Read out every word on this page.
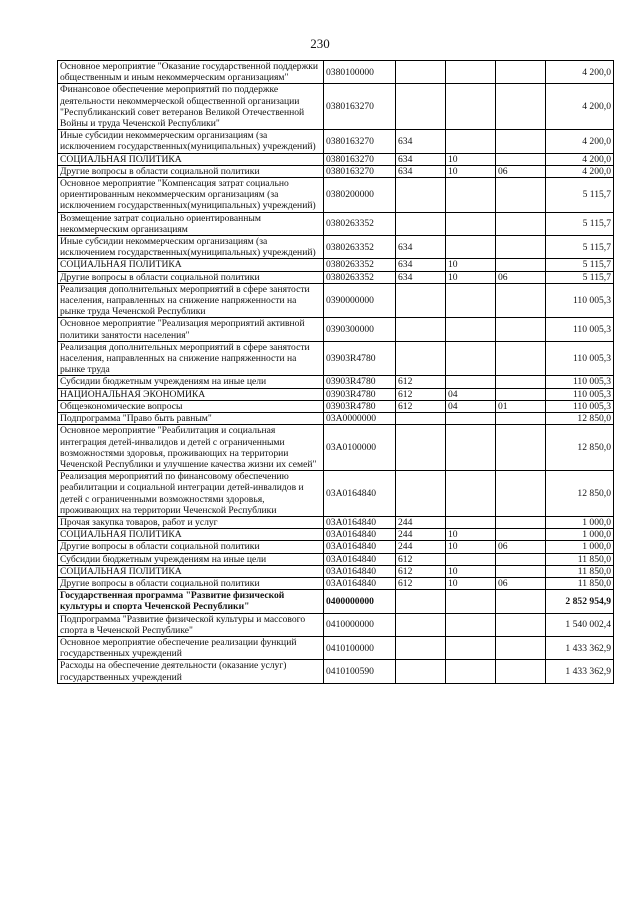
230
Основное мероприятие "Оказание государственной поддержки общественным и иным некоммерческим организациям"	0380100000				4 200,0
Финансовое обеспечение мероприятий по поддержке деятельности некоммерческой общественной организации "Республиканский совет ветеранов Великой Отечественной Войны и труда Чеченской Республики"	0380163270				4 200,0
Иные субсидии некоммерческим организациям (за исключением государственных(муниципальных) учреждений)	0380163270	634			4 200,0
СОЦИАЛЬНАЯ ПОЛИТИКА	0380163270	634	10		4 200,0
Другие вопросы в области социальной политики	0380163270	634	10	06	4 200,0
Основное мероприятие "Компенсация затрат социально ориентированным некоммерческим организациям (за исключением государственных(муниципальных) учреждений)	0380200000				5 115,7
Возмещение затрат социально ориентированным некоммерческим организациям	0380263352				5 115,7
Иные субсидии некоммерческим организациям (за исключением государственных(муниципальных) учреждений)	0380263352	634			5 115,7
СОЦИАЛЬНАЯ ПОЛИТИКА	0380263352	634	10		5 115,7
Другие вопросы в области социальной политики	0380263352	634	10	06	5 115,7
Реализация дополнительных мероприятий в сфере занятости населения, направленных на снижение напряженности на рынке труда Чеченской Республики	0390000000				110 005,3
Основное мероприятие "Реализация мероприятий активной политики занятости населения"	0390300000				110 005,3
Реализация дополнительных мероприятий в сфере занятости населения, направленных на снижение напряженности на рынке труда	03903R4780				110 005,3
Субсидии бюджетным учреждениям на иные цели	03903R4780	612			110 005,3
НАЦИОНАЛЬНАЯ ЭКОНОМИКА	03903R4780	612	04		110 005,3
Общеэкономические вопросы	03903R4780	612	04	01	110 005,3
Подпрограмма "Право быть равным"	03А0000000				12 850,0
Основное мероприятие "Реабилитация и социальная интеграция детей-инвалидов и детей с ограниченными возможностями здоровья, проживающих на территории Чеченской Республики и улучшение качества жизни их семей"	03А0100000				12 850,0
Реализация мероприятий по финансовому обеспечению реабилитации и социальной интеграции детей-инвалидов и детей с ограниченными возможностями здоровья, проживающих на территории Чеченской Республики	03А0164840				12 850,0
Прочая закупка товаров, работ и услуг	03А0164840	244			1 000,0
СОЦИАЛЬНАЯ ПОЛИТИКА	03А0164840	244	10		1 000,0
Другие вопросы в области социальной политики	03А0164840	244	10	06	1 000,0
Субсидии бюджетным учреждениям на иные цели	03А0164840	612			11 850,0
СОЦИАЛЬНАЯ ПОЛИТИКА	03А0164840	612	10		11 850,0
Другие вопросы в области социальной политики	03А0164840	612	10	06	11 850,0
Государственная программа "Развитие физической культуры и спорта Чеченской Республики"	0400000000				2 852 954,9
Подпрограмма "Развитие физической культуры и массового спорта в Чеченской Республике"	0410000000				1 540 002,4
Основное мероприятие обеспечение реализации функций государственных учреждений	0410100000				1 433 362,9
Расходы на обеспечение деятельности (оказание услуг) государственных учреждений	0410100590				1 433 362,9
